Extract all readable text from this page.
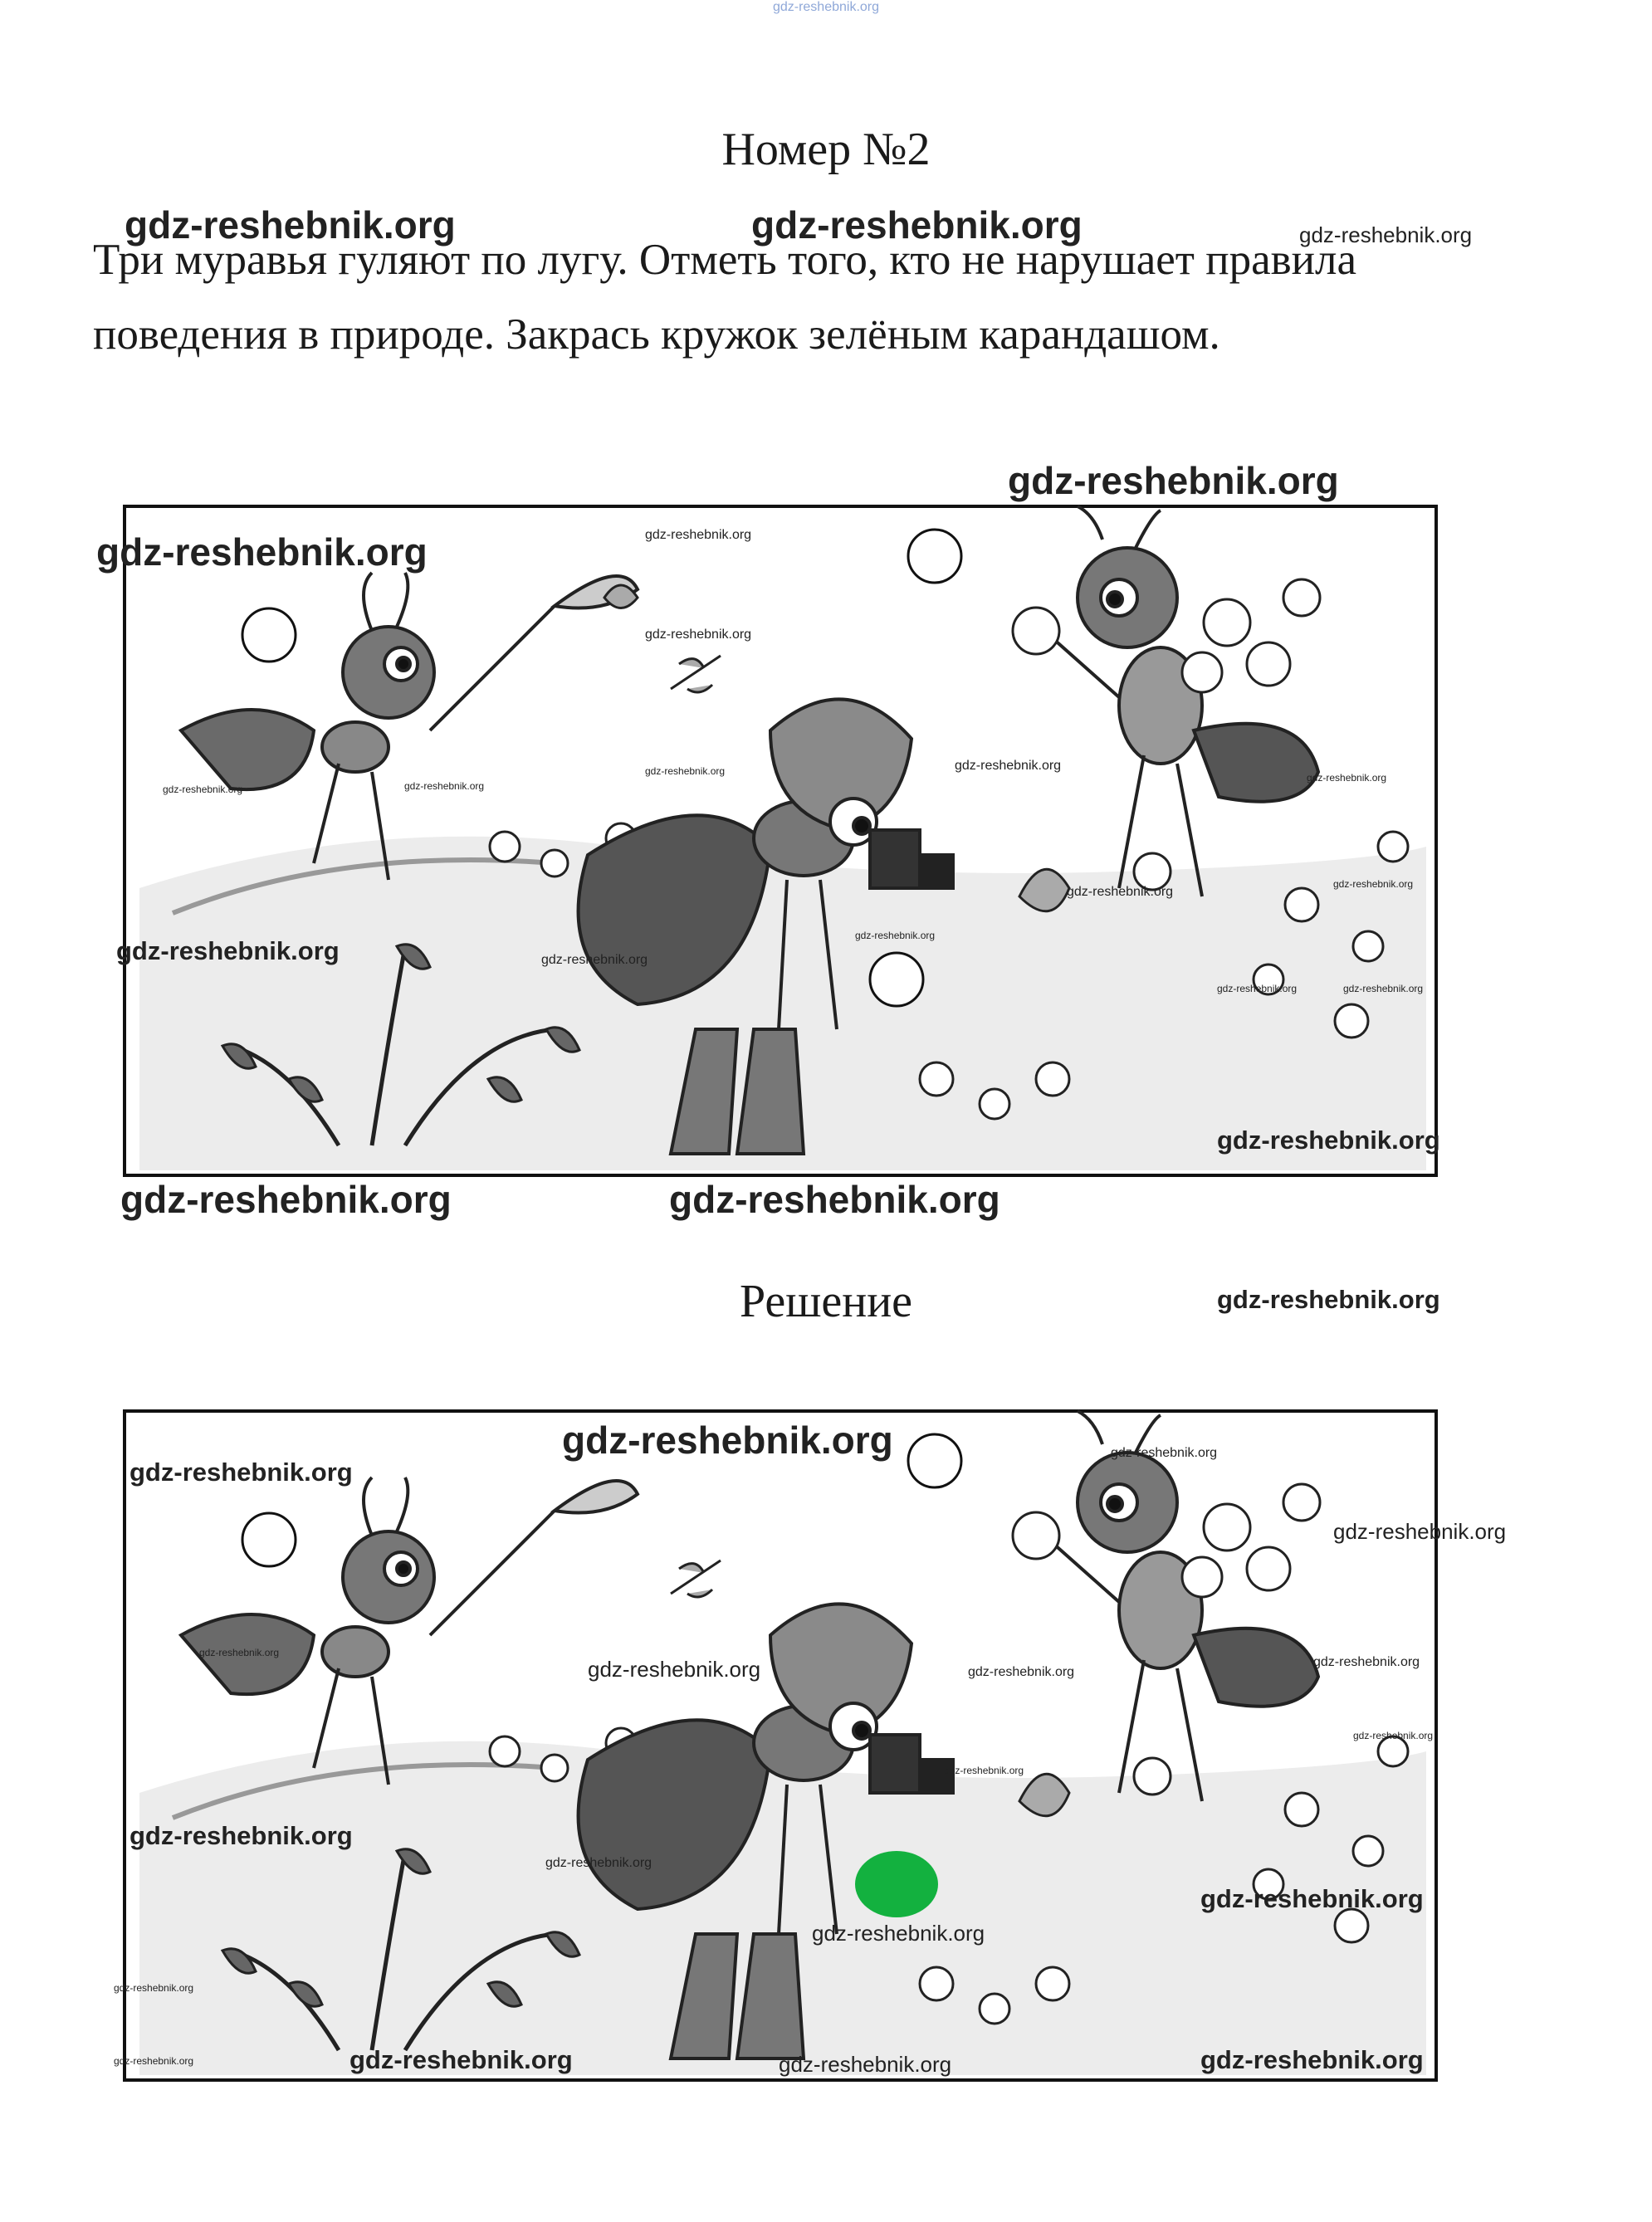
gdz-reshebnik.org
Номер №2
Три муравья гуляют по лугу. Отметь того, кто не нарушает правила
поведения в природе. Закрась кружок зелёным карандашом.
gdz-reshebnik.org	gdz-reshebnik.org	gdz-reshebnik.org
gdz-reshebnik.org
gdz-reshebnik.org	gdz-reshebnik.org
gdz-reshebnik.org
gdz-reshebnik.org	gdz-reshebnik.org
gdz-reshebnik.org	gdz-reshebnik.org
gdz-reshebnik.org
gdz-reshebnik.org
gdz-reshebnik.org
gdz-reshebnik.org
gdz-reshebnik.org	gdz-reshebnik.org
gdz-reshebnik.org	gdz-reshebnik.org
gdz-reshebnik.org
gdz-reshebnik.org	gdz-reshebnik.org
Решение	gdz-reshebnik.org
gdz-reshebnik.org
gdz-reshebnik.org
gdz-reshebnik.org
gdz-reshebnik.org
gdz-reshebnik.org
gdz-reshebnik.org	gdz-reshebnik.org
gdz-reshebnik.org
gdz-reshebnik.org
gdz-reshebnik.org
gdz-reshebnik.org
gdz-reshebnik.org
gdz-reshebnik.org
gdz-reshebnik.org
gdz-reshebnik.org
gdz-reshebnik.org	gdz-reshebnik.org	gdz-reshebnik.org	gdz-reshebnik.org
